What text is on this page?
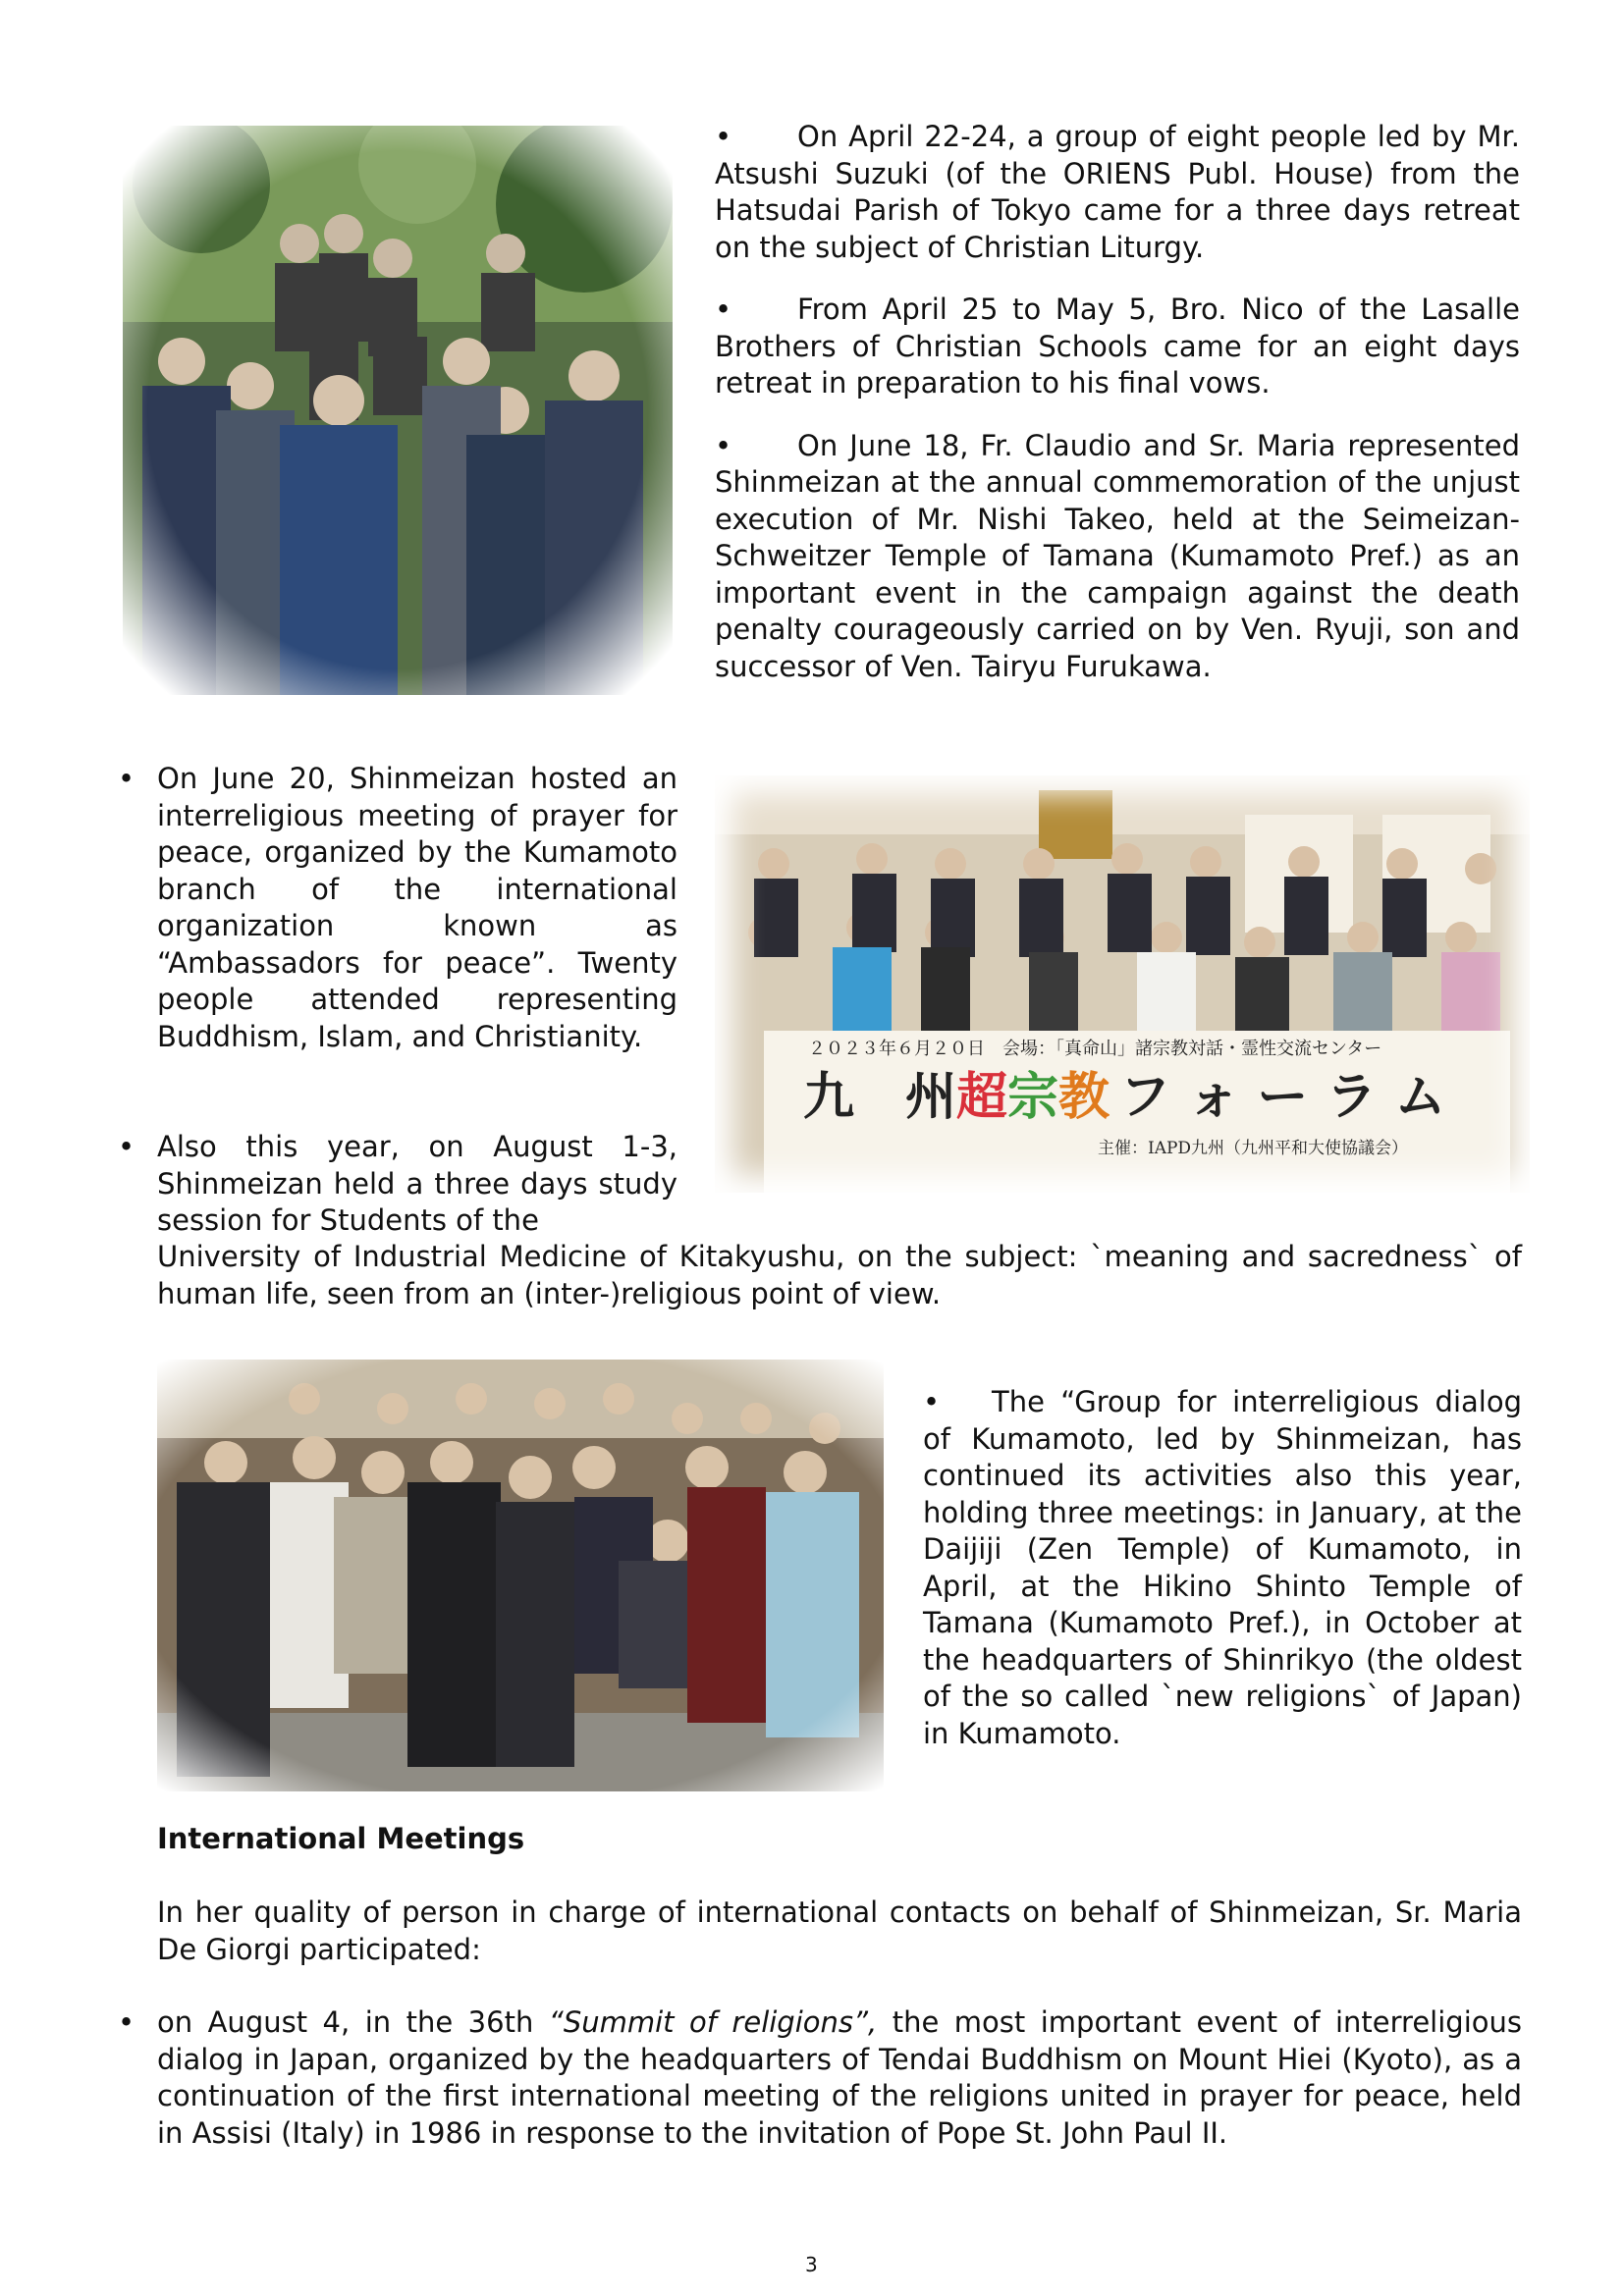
• On April 22-24, a group of eight people led by Mr. Atsushi Suzuki (of the ORIENS Publ. House) from the Hatsudai Parish of Tokyo came for a three days retreat on the subject of Christian Liturgy.
• From April 25 to May 5, Bro. Nico of the Lasalle Brothers of Christian Schools came for an eight days retreat in preparation to his final vows.
• On June 18, Fr. Claudio and Sr. Maria represented Shinmeizan at the annual commemoration of the unjust execution of Mr. Nishi Takeo, held at the Seimeizan-Schweitzer Temple of Tamana (Kumamoto Pref.) as an important event in the campaign against the death penalty courageously carried on by Ven. Ryuji, son and successor of Ven. Tairyu Furukawa.
• On June 20, Shinmeizan hosted an interreligious meeting of prayer for peace, organized by the Kumamoto branch of the international organization known as “Ambassadors for peace”. Twenty people attended representing Buddhism, Islam, and Christianity.
• Also this year, on August 1-3, Shinmeizan held a three days study session for Students of the
University of Industrial Medicine of Kitakyushu, on the subject: `meaning and sacredness` of human life, seen from an (inter-)religious point of view.
２０２３年６月２０日　会場：「真命山」諸宗教対話・霊性交流センター
九　州超宗教 フ ォ ー ラ ム
主催：IAPD九州（九州平和大使協議会）
• The “Group for interreligious dialog of Kumamoto, led by Shinmeizan, has continued its activities also this year, holding three meetings: in January, at the Daijiji (Zen Temple) of Kumamoto, in April, at the Hikino Shinto Temple of Tamana (Kumamoto Pref.), in October at the headquarters of Shinrikyo (the oldest of the so called `new religions` of Japan) in Kumamoto.
International Meetings
In her quality of person in charge of international contacts on behalf of Shinmeizan, Sr. Maria De Giorgi participated:
• on August 4, in the 36th “Summit of religions”, the most important event of interreligious dialog in Japan, organized by the headquarters of Tendai Buddhism on Mount Hiei (Kyoto), as a continuation of the first international meeting of the religions united in prayer for peace, held in Assisi (Italy) in 1986 in response to the invitation of Pope St. John Paul II.
3
